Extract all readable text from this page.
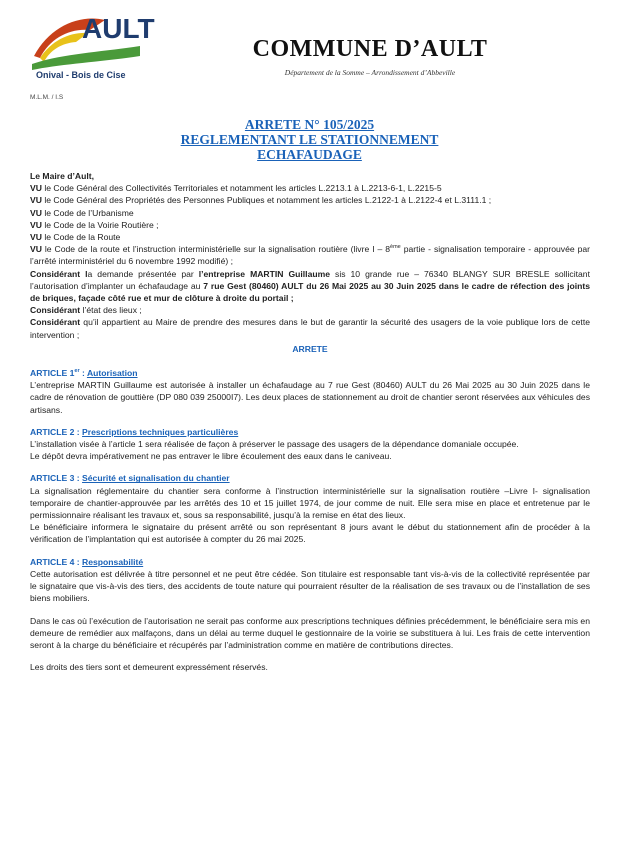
AULT
Onival - Bois de Cise
COMMUNE D’AULT
Département de la Somme – Arrondissement d’Abbeville
M.L.M. / I.S
ARRETE N° 105/2025
REGLEMENTANT LE STATIONNEMENT
ECHAFAUDAGE

Le Maire d’Ault,

VU le Code Général des Collectivités Territoriales et notamment les articles L.2213.1 à L.2213-6-1, L.2215-5

VU le Code Général des Propriétés des Personnes Publiques et notamment les articles L.2122-1 à L.2122-4 et L.3111.1 ;

VU le Code de l’Urbanisme

VU le Code de la Voirie Routière ;

VU le Code de la Route

VU le Code de la route et l’instruction interministérielle sur la signalisation routière (livre I – 8ème partie - signalisation temporaire - approuvée par l’arrêté interministériel du 6 novembre 1992 modifié) ;

Considérant la demande présentée par l’entreprise MARTIN Guillaume sis 10 grande rue – 76340 BLANGY SUR BRESLE sollicitant l’autorisation d’implanter un échafaudage au 7 rue Gest (80460) AULT du 26 Mai 2025 au 30 Juin 2025 dans le cadre de réfection des joints de briques, façade côté rue et mur de clôture à droite du portail ;

Considérant l’état des lieux ;

Considérant qu’il appartient au Maire de prendre des mesures dans le but de garantir la sécurité des usagers de la voie publique lors de cette intervention ;

ARRETE

ARTICLE 1er : Autorisation

L’entreprise MARTIN Guillaume est autorisée à installer un échafaudage au 7 rue Gest (80460) AULT du 26 Mai 2025 au 30 Juin 2025 dans le cadre de rénovation de gouttière (DP 080 039 25000I7). Les deux places de stationnement au droit de chantier seront réservées aux véhicules des artisans.

ARTICLE 2 : Prescriptions techniques particulières

L’installation visée à l’article 1 sera réalisée de façon à préserver le passage des usagers de la dépendance domaniale occupée.

Le dépôt devra impérativement ne pas entraver le libre écoulement des eaux dans le caniveau.

ARTICLE 3 : Sécurité et signalisation du chantier

La signalisation réglementaire du chantier sera conforme à l’instruction interministérielle sur la signalisation routière –Livre I- signalisation temporaire de chantier-approuvée par les arrêtés des 10 et 15 juillet 1974, de jour comme de nuit. Elle sera mise en place et entretenue par le permissionnaire réalisant les travaux et, sous sa responsabilité, jusqu’à la remise en état des lieux.

Le bénéficiaire informera le signataire du présent arrêté ou son représentant 8 jours avant le début du stationnement afin de procéder à la vérification de l’implantation qui est autorisée à compter du 26 mai 2025.

ARTICLE 4 : Responsabilité

Cette autorisation est délivrée à titre personnel et ne peut être cédée. Son titulaire est responsable tant vis-à-vis de la collectivité représentée par le signataire que vis-à-vis des tiers, des accidents de toute nature qui pourraient résulter de la réalisation de ses travaux ou de l’installation de ses biens mobiliers.

Dans le cas où l’exécution de l’autorisation ne serait pas conforme aux prescriptions techniques définies précédemment, le bénéficiaire sera mis en demeure de remédier aux malfaçons, dans un délai au terme duquel le gestionnaire de la voirie se substituera à lui. Les frais de cette intervention seront à la charge du bénéficiaire et récupérés par l’administration comme en matière de contributions directes.

Les droits des tiers sont et demeurent expressément réservés.
